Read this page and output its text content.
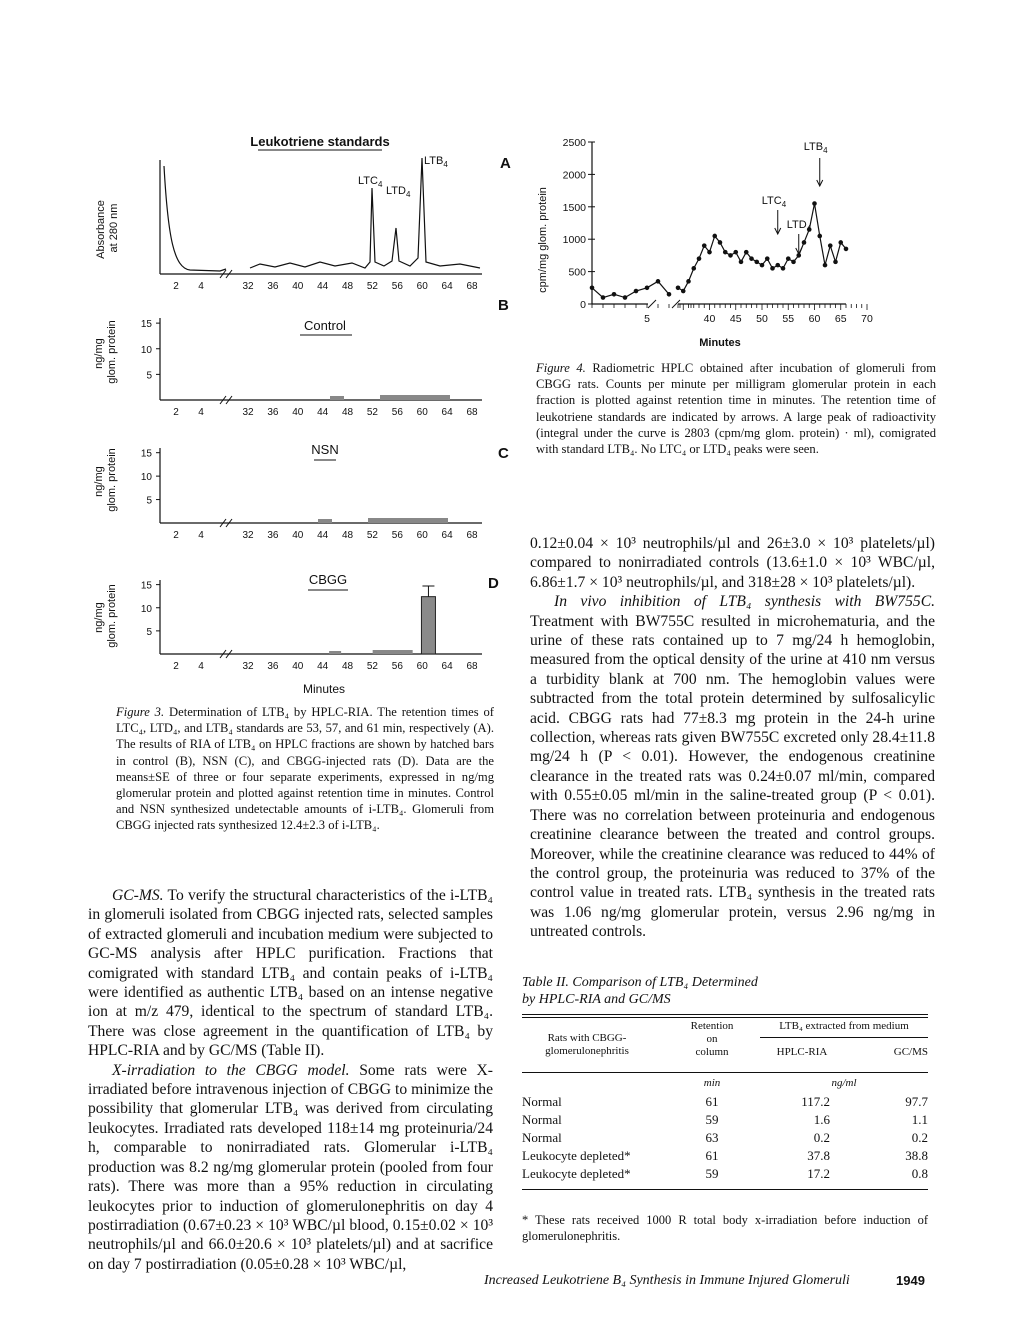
Leukotriene standards
A
Absorbance at 280 nm
$LTC_4$
$LTD_4$
$LTB_4$
2 4	32 36 40 44 48 52 56 60 64 68
2 4	32 36 40 44 48 52 56 60 64 68
15
10
5
2 4	32 36 40 44 48 52 56 60 64 68
15
10
5
2 4	32 36 40 44 48 52 56 60 64 68
15
10
5
Control
B
ng/mg glom. protein
NSN	C
ng/mg glom. protein
CBGG	D
ng/mg glom. protein
Minutes
Figure 3. Determination of LTB₄ by HPLC-RIA. The retention times of LTC₄, LTD₄, and LTB₄ standards are 53, 57, and 61 min, respectively (A). The results of RIA of LTB₄ on HPLC fractions are shown by hatched bars in control (B), NSN (C), and CBGG-injected rats (D). Data are the means±SE of three or four separate experiments, expressed in ng/mg glomerular protein and plotted against retention time in minutes. Control and NSN synthesized undetectable amounts of i-LTB₄. Glomeruli from CBGG injected rats synthesized 12.4±2.3 of i-LTB₄.
cpm/mg glom. protein
2500
2000
1500
1000
500
0
5	40 45 50 55 60 65 70
$LTB_4$
$LTC_4$
$LTD_4$
Minutes
Figure 4. Radiometric HPLC obtained after incubation of glomeruli from CBGG rats. Counts per minute per milligram glomerular protein in each fraction is plotted against retention time in minutes. The retention time of leukotriene standards are indicated by arrows. A large peak of radioactivity (integral under the curve is 2803 (cpm/mg glom. protein) · ml), comigrated with standard LTB₄. No LTC₄ or LTD₄ peaks were seen.

GC-MS. To verify the structural characteristics of the i-LTB₄ in glomeruli isolated from CBGG injected rats, selected samples of extracted glomeruli and incubation medium were subjected to GC-MS analysis after HPLC purification. Fractions that comigrated with standard LTB₄ and contain peaks of i-LTB₄ were identified as authentic LTB₄ based on an intense negative ion at m/z 479, identical to the spectrum of standard LTB₄. There was close agreement in the quantification of LTB₄ by HPLC-RIA and by GC/MS (Table II).

X-irradiation to the CBGG model. Some rats were X-irradiated before intravenous injection of CBGG to minimize the possibility that glomerular LTB₄ was derived from circulating leukocytes. Irradiated rats developed 118±14 mg proteinuria/24 h, comparable to nonirradiated rats. Glomerular i-LTB₄ production was 8.2 ng/mg glomerular protein (pooled from four rats). There was more than a 95% reduction in circulating leukocytes prior to induction of glomerulonephritis on day 4 postirradiation (0.67±0.23 × 10³ WBC/µl blood, 0.15±0.02 × 10³ neutrophils/µl and 66.0±20.6 × 10³ platelets/µl) and at sacrifice on day 7 postirradiation (0.05±0.28 × 10³ WBC/µl,

0.12±0.04 × 10³ neutrophils/µl and 26±3.0 × 10³ platelets/µl) compared to nonirradiated controls (13.6±1.0 × 10³ WBC/µl, 6.86±1.7 × 10³ neutrophils/µl, and 318±28 × 10³ platelets/µl).

In vivo inhibition of LTB₄ synthesis with BW755C. Treatment with BW755C resulted in microhematuria, and the urine of these rats contained up to 7 mg/24 h hemoglobin, measured from the optical density of the urine at 410 nm versus a turbidity blank at 700 nm. The hemoglobin values were subtracted from the total protein determined by sulfosalicylic acid. CBGG rats had 77±8.3 mg protein in the 24-h urine collection, whereas rats given BW755C excreted only 28.4±11.8 mg/24 h (P < 0.01). However, the endogenous creatinine clearance in the treated rats was 0.24±0.07 ml/min, compared with 0.55±0.05 ml/min in the saline-treated group (P < 0.01). There was no correlation between proteinuria and endogenous creatinine clearance between the treated and control groups. Moreover, while the creatinine clearance was reduced to 44% of the control group, the proteinuria was reduced to 37% of the control value in treated rats. LTB₄ synthesis in the treated rats was 1.06 ng/mg glomerular protein, versus 2.96 ng/mg in untreated controls.

Table II. Comparison of LTB₄ Determined
by HPLC-RIA and GC/MS
Rats with CBGG-
glomerulonephritis
Retention
on
column
LTB₄ extracted from medium
HPLC-RIA	GC/MS
min	ng/ml
Normal	61	117.2	97.7
Normal	59	1.6	1.1
Normal	63	0.2	0.2
Leukocyte depleted*	61	37.8	38.8
Leukocyte depleted*	59	17.2	0.8
* These rats received 1000 R total body x-irradiation before induction of glomerulonephritis.
Increased Leukotriene B₄ Synthesis in Immune Injured Glomeruli	1949
